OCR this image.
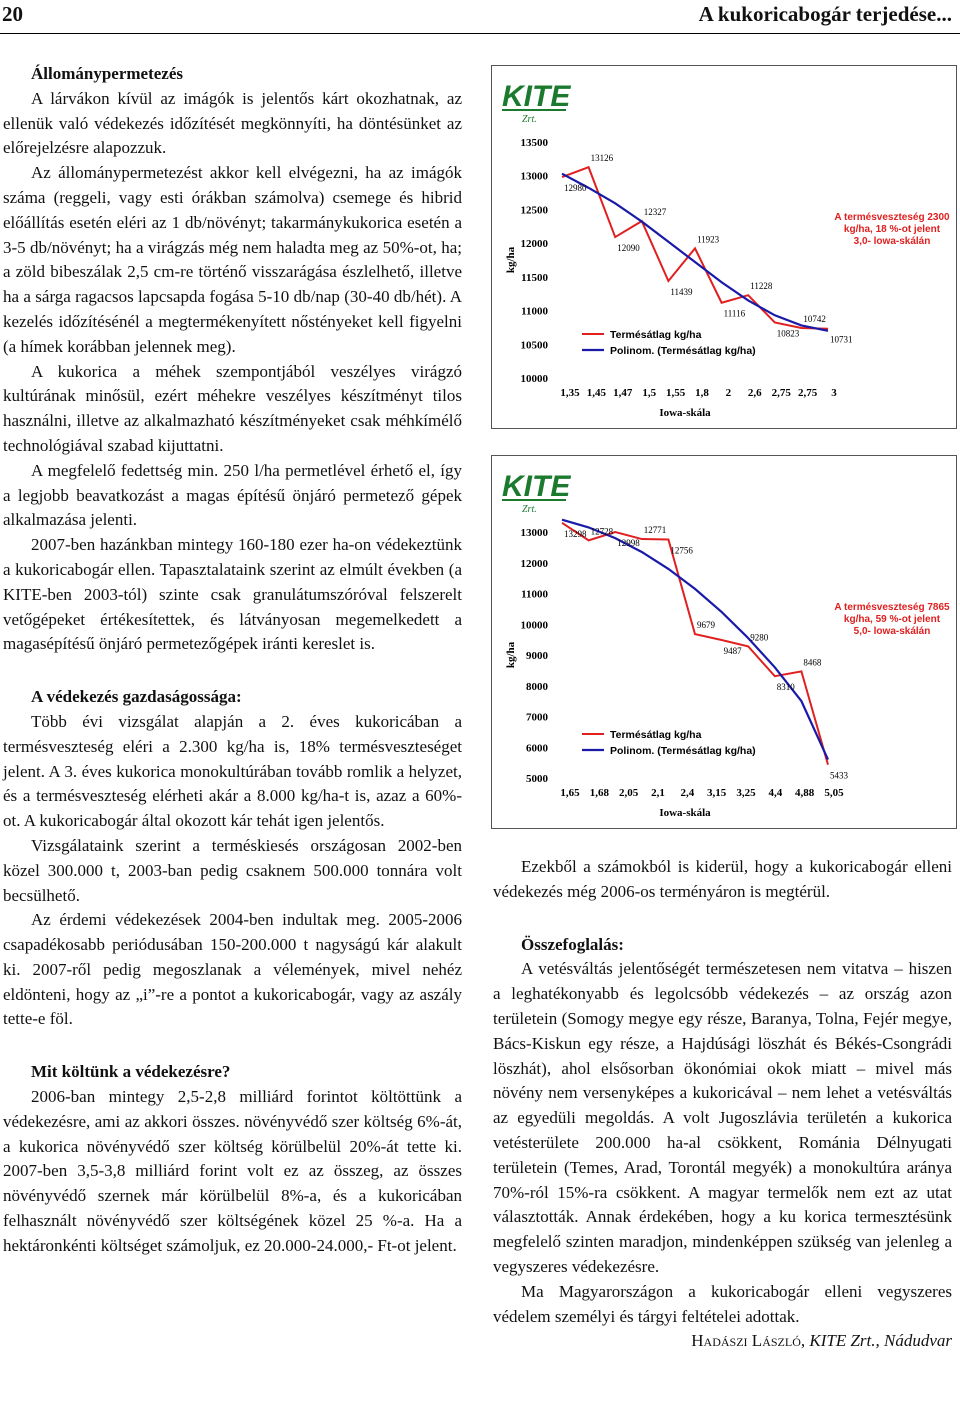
20	A kukoricabogár terjedése...
Állománypermetezés

A lárvákon kívül az imágók is jelentős kárt okozhatnak, az ellenük való védekezés időzítését megkönnyíti, ha döntésünket az előrejelzésre alapozzuk.

Az állománypermetezést akkor kell elvégezni, ha az imágók száma (reggeli, vagy esti órákban számolva) csemege és hibrid előállítás esetén eléri az 1 db/növényt; takarmánykukorica esetén a 3-5 db/növényt; ha a virágzás még nem haladta meg az 50%-ot, ha; a zöld bibeszálak 2,5 cm-re történő visszarágása észlelhető, illetve ha a sárga ragacsos lapcsapda fogása 5-10 db/nap (30-40 db/hét). A kezelés időzítésénél a megtermékenyített nőstényeket kell figyelni (a hímek korábban jelennek meg).

A kukorica a méhek szempontjából veszélyes virágzó kultúrának minősül, ezért méhekre veszélyes készítményt tilos használni, illetve az alkalmazható készítményeket csak méhkímélő technológiával szabad kijuttatni.

A megfelelő fedettség min. 250 l/ha permetlével érhető el, így a legjobb beavatkozást a magas építésű önjáró permetező gépek alkalmazása jelenti.

2007-ben hazánkban mintegy 160-180 ezer ha-on védekeztünk a kukoricabogár ellen. Tapasztalataink szerint az elmúlt években (a KITE-ben 2003-tól) szinte csak granulátumszóróval felszerelt vetőgépeket értékesítettek, és látványosan megemelkedett a magasépítésű önjáró permetezőgépek iránti kereslet is.

A védekezés gazdaságossága:

Több évi vizsgálat alapján a 2. éves kukoricában a termésveszteség eléri a 2.300 kg/ha is, 18% termésveszteséget jelent. A 3. éves kukorica monokultúrában tovább romlik a helyzet, és a termésveszteség elérheti akár a 8.000 kg/ha-t is, azaz a 60%-ot. A kukoricabogár által okozott kár tehát igen jelentős.

Vizsgálataink szerint a terméskiesés országosan 2002-ben közel 300.000 t, 2003-ban pedig csaknem 500.000 tonnára volt becsülhető.

Az érdemi védekezések 2004-ben indultak meg. 2005-2006 csapadékosabb periódusában 150-200.000 t nagyságú kár alakult ki. 2007-ről pedig megoszlanak a vélemények, mivel nehéz eldönteni, hogy az „i”-re a pontot a kukoricabogár, vagy az aszály tette-e föl.

Mit költünk a védekezésre?

2006-ban mintegy 2,5-2,8 milliárd forintot költöttünk a védekezésre, ami az akkori összes. növényvédő szer költség 6%-át, a kukorica növényvédő szer költség körülbelül 20%-át tette ki. 2007-ben 3,5-3,8 milliárd forint volt ez az összeg, az összes növényvédő szernek már körülbelül 8%-a, és a kukoricában felhasznált növényvédő szer költségének közel 25 %-a. Ha a hektáronkénti költséget számoljuk, ez 20.000-24.000,- Ft-ot jelent.

KITE
Zrt.
10000
10500
11000
11500
12000
12500
13000
13500
kg/ha
1,35 1,45 1,47 1,5 1,55 1,8 2 2,6 2,75 2,75 3
Iowa-skála
12980
13126
12090
12327
11439
11923
11116
11228
10823
10742
10731
Termésátlag kg/ha
Polinom. (Termésátlag kg/ha)
A termésveszteség 2300 kg/ha, 18 %-ot jelent 3,0- lowa-skálán
KITE
Zrt.
5000
6000
7000
8000
9000
10000
11000
12000
13000
kg/ha
1,65 1,68 2,05 2,1 2,4 3,15 3,25 4,4 4,88 5,05
Iowa-skála
13298 12728
12998
12771
12756
9679
9487
9280
8310
8468
5433
Termésátlag kg/ha
Polinom. (Termésátlag kg/ha)
A termésveszteség 7865 kg/ha, 59 %-ot jelent 5,0- lowa-skálán

Ezekből a számokból is kiderül, hogy a kukoricabogár elleni védekezés még 2006-os terményáron is megtérül.

Összefoglalás:

A vetésváltás jelentőségét természetesen nem vitatva – hiszen a leghatékonyabb és legolcsóbb védekezés – az ország azon területein (Somogy megye egy része, Baranya, Tolna, Fejér megye, Bács-Kiskun egy része, a Hajdúsági löszhát és Békés-Csongrádi löszhát), ahol elsősorban ökonómiai okok miatt – mivel más növény nem versenyképes a kukoricával – nem lehet a vetésváltás az egyedüli megoldás. A volt Jugoszlávia területén a kukorica vetésterülete 200.000 ha-al csökkent, Románia Délnyugati területein (Temes, Arad, Torontál megyék) a monokultúra aránya 70%-ról 15%-ra csökkent. A magyar termelők nem ezt az utat választották. Annak érdekében, hogy a ku korica termesztésünk megfelelő szinten maradjon, mindenképpen szükség van jelenleg a vegyszeres védekezésre.

Ma Magyarországon a kukoricabogár elleni vegyszeres védelem személyi és tárgyi feltételei adottak.

Hadászi László, KITE Zrt., Nádudvar
